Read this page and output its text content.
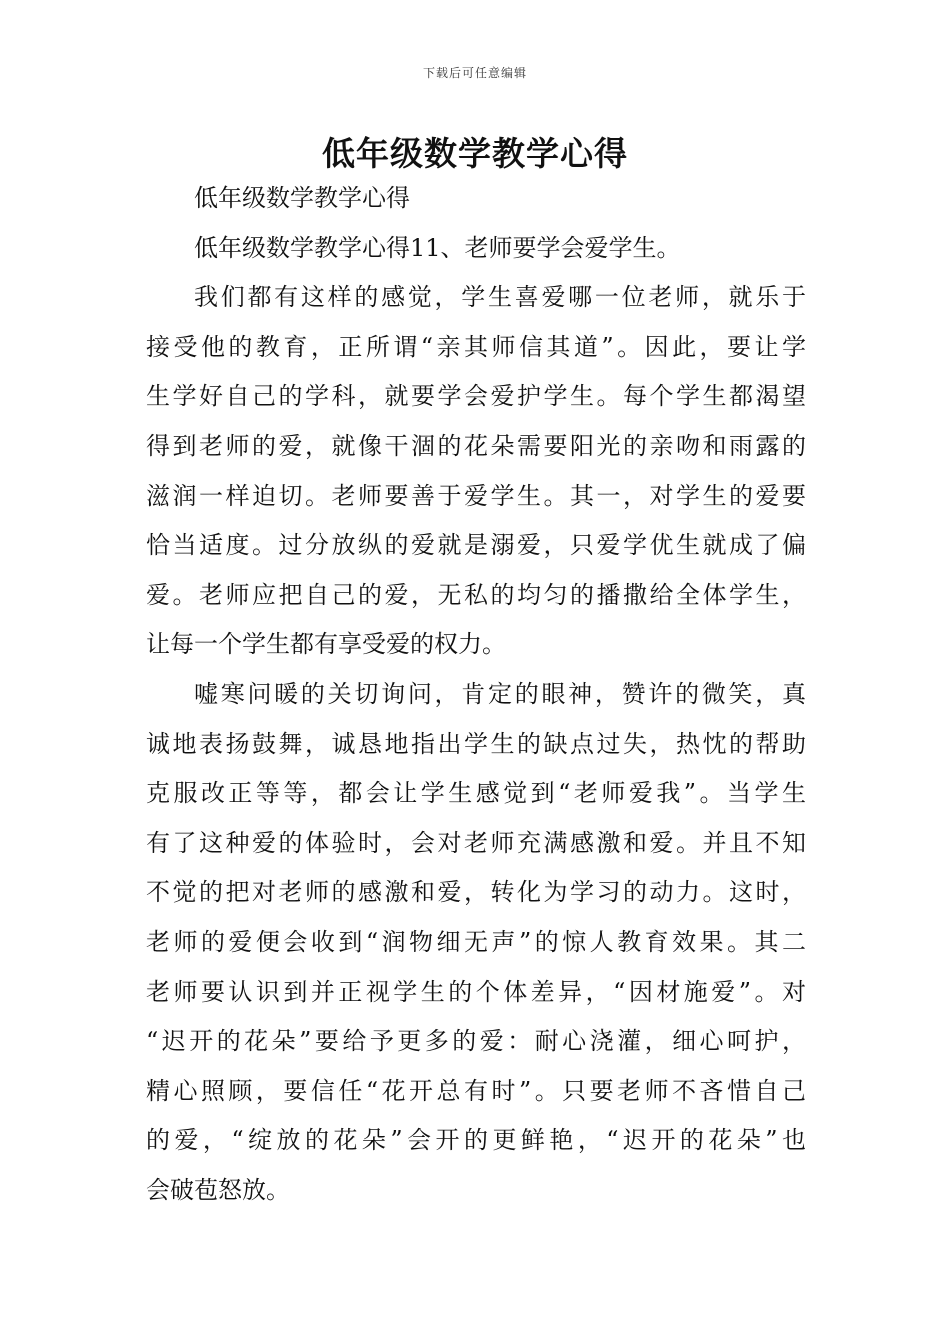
下载后可任意编辑
低年级数学教学心得
低年级数学教学心得
低年级数学教学心得11、老师要学会爱学生。
我们都有这样的感觉，学生喜爱哪一位老师，就乐于
接受他的教育，正所谓“亲其师信其道”。因此，要让学
生学好自己的学科，就要学会爱护学生。每个学生都渴望
得到老师的爱，就像干涸的花朵需要阳光的亲吻和雨露的
滋润一样迫切。老师要善于爱学生。其一，对学生的爱要
恰当适度。过分放纵的爱就是溺爱，只爱学优生就成了偏
爱。老师应把自己的爱，无私的均匀的播撒给全体学生，
让每一个学生都有享受爱的权力。
嘘寒问暖的关切询问，肯定的眼神，赞许的微笑，真
诚地表扬鼓舞，诚恳地指出学生的缺点过失，热忱的帮助
克服改正等等，都会让学生感觉到“老师爱我”。当学生
有了这种爱的体验时，会对老师充满感激和爱。并且不知
不觉的把对老师的感激和爱，转化为学习的动力。这时，
老师的爱便会收到“润物细无声”的惊人教育效果。其二
老师要认识到并正视学生的个体差异，“因材施爱”。对
“迟开的花朵”要给予更多的爱：耐心浇灌，细心呵护，
精心照顾，要信任“花开总有时”。只要老师不吝惜自己
的爱，“绽放的花朵”会开的更鲜艳，“迟开的花朵”也
会破苞怒放。
